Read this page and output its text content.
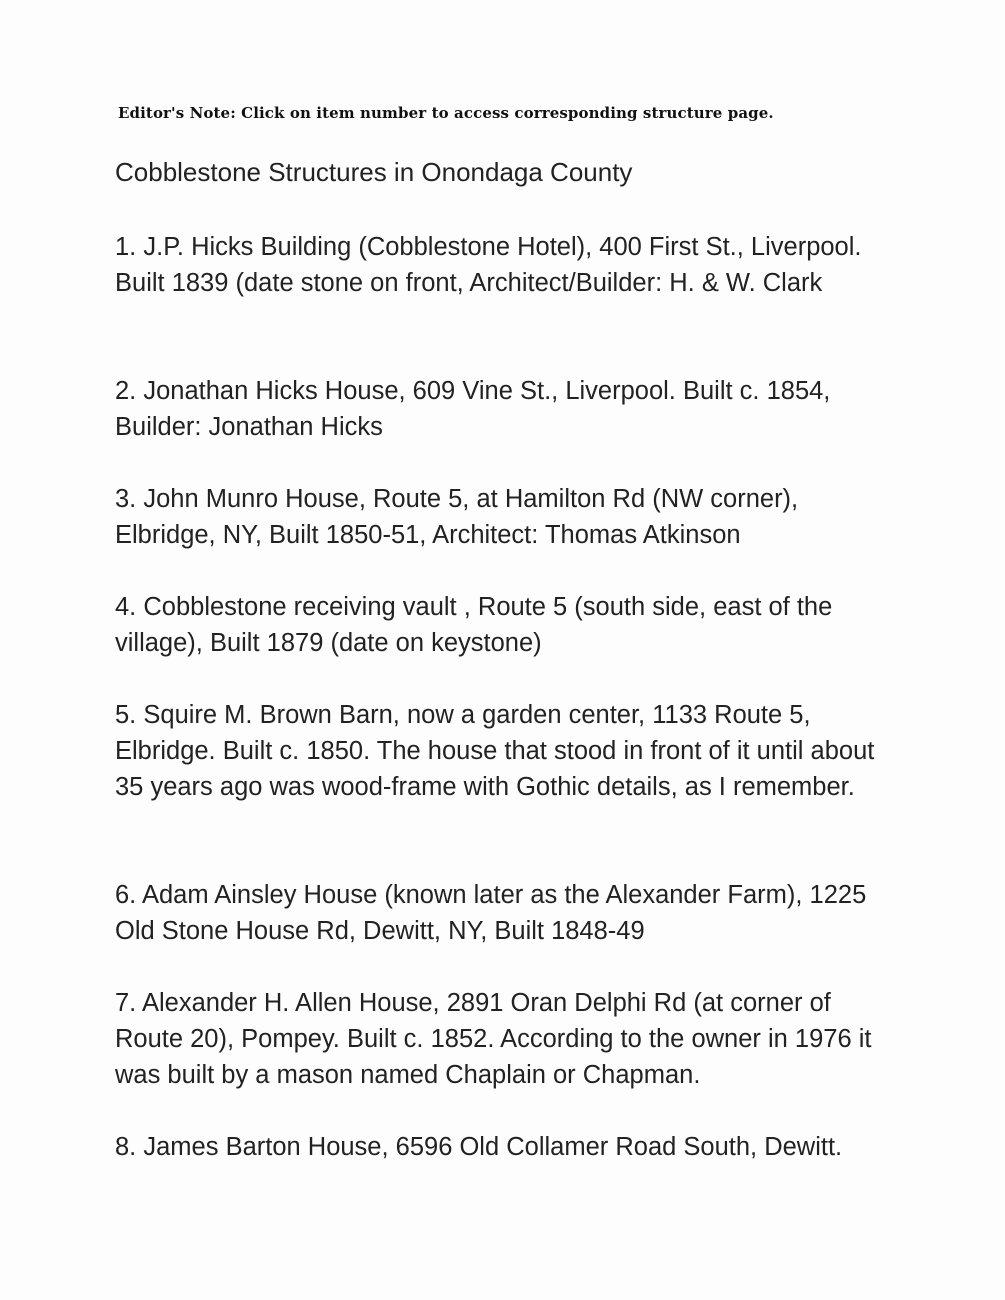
Editor's Note: Click on item number to access corresponding structure page.
Cobblestone Structures in Onondaga County
1. J.P. Hicks Building (Cobblestone Hotel), 400 First St., Liverpool. Built 1839 (date stone on front, Architect/Builder: H. & W. Clark
2. Jonathan Hicks House, 609 Vine St., Liverpool. Built c. 1854, Builder: Jonathan Hicks
3. John Munro House, Route 5, at Hamilton Rd (NW corner), Elbridge, NY, Built 1850-51, Architect: Thomas Atkinson
4. Cobblestone receiving vault , Route 5 (south side, east of the village), Built 1879 (date on keystone)
5. Squire M. Brown Barn, now a garden center, 1133 Route 5, Elbridge. Built c. 1850. The house that stood in front of it until about 35 years ago was wood-frame with Gothic details, as I remember.
6. Adam Ainsley House (known later as the Alexander Farm), 1225 Old Stone House Rd, Dewitt, NY, Built 1848-49
7. Alexander H. Allen House, 2891 Oran Delphi Rd (at corner of Route 20), Pompey. Built c. 1852. According to the owner in 1976 it was built by a mason named Chaplain or Chapman.
8. James Barton House, 6596 Old Collamer Road South, Dewitt.
